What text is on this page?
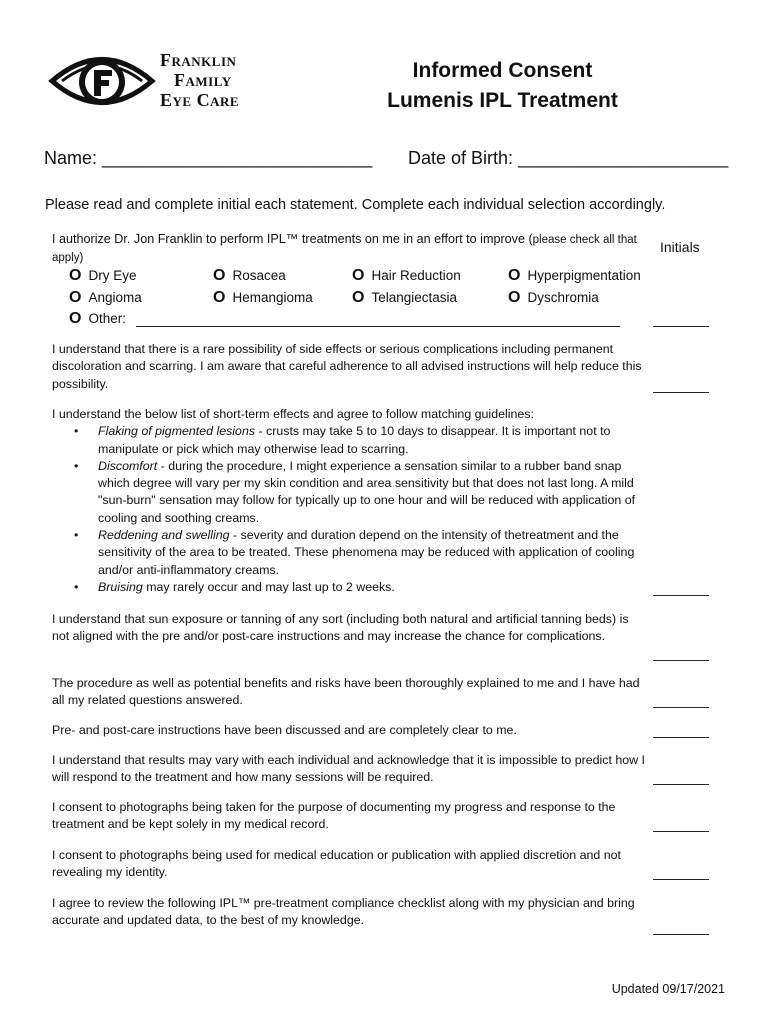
Franklin
Family
Eye Care
Informed Consent
Lumenis IPL Treatment
Name: ___________________________ Date of Birth: _____________________
Please read and complete initial each statement. Complete each individual selection accordingly.
Initials
I authorize Dr. Jon Franklin to perform IPL™ treatments on me in an effort to improve (please check all that apply)
O Dry Eye	O Rosacea	O Hair Reduction	O Hyperpigmentation
O Angioma	O Hemangioma O Telangiectasia	O Dyschromia
O Other:
I understand that there is a rare possibility of side effects or serious complications including permanent discoloration and scarring. I am aware that careful adherence to all advised instructions will help reduce this possibility.
I understand the below list of short-term effects and agree to follow matching guidelines:
• Flaking of pigmented lesions - crusts may take 5 to 10 days to disappear. It is important not to manipulate or pick which may otherwise lead to scarring.
• Discomfort - during the procedure, I might experience a sensation similar to a rubber band snap which degree will vary per my skin condition and area sensitivity but that does not last long. A mild "sun-burn" sensation may follow for typically up to one hour and will be reduced with application of cooling and soothing creams.
• Reddening and swelling - severity and duration depend on the intensity of thetreatment and the sensitivity of the area to be treated. These phenomena may be reduced with application of cooling and/or anti-inflammatory creams.
• Bruising may rarely occur and may last up to 2 weeks.
I understand that sun exposure or tanning of any sort (including both natural and artificial tanning beds) is not aligned with the pre and/or post-care instructions and may increase the chance for complications.
The procedure as well as potential benefits and risks have been thoroughly explained to me and I have had all my related questions answered.
Pre- and post-care instructions have been discussed and are completely clear to me.
I understand that results may vary with each individual and acknowledge that it is impossible to predict how I will respond to the treatment and how many sessions will be required.
I consent to photographs being taken for the purpose of documenting my progress and response to the treatment and be kept solely in my medical record.
I consent to photographs being used for medical education or publication with applied discretion and not revealing my identity.
I agree to review the following IPL™ pre-treatment compliance checklist along with my physician and bring accurate and updated data, to the best of my knowledge.
Updated 09/17/2021
